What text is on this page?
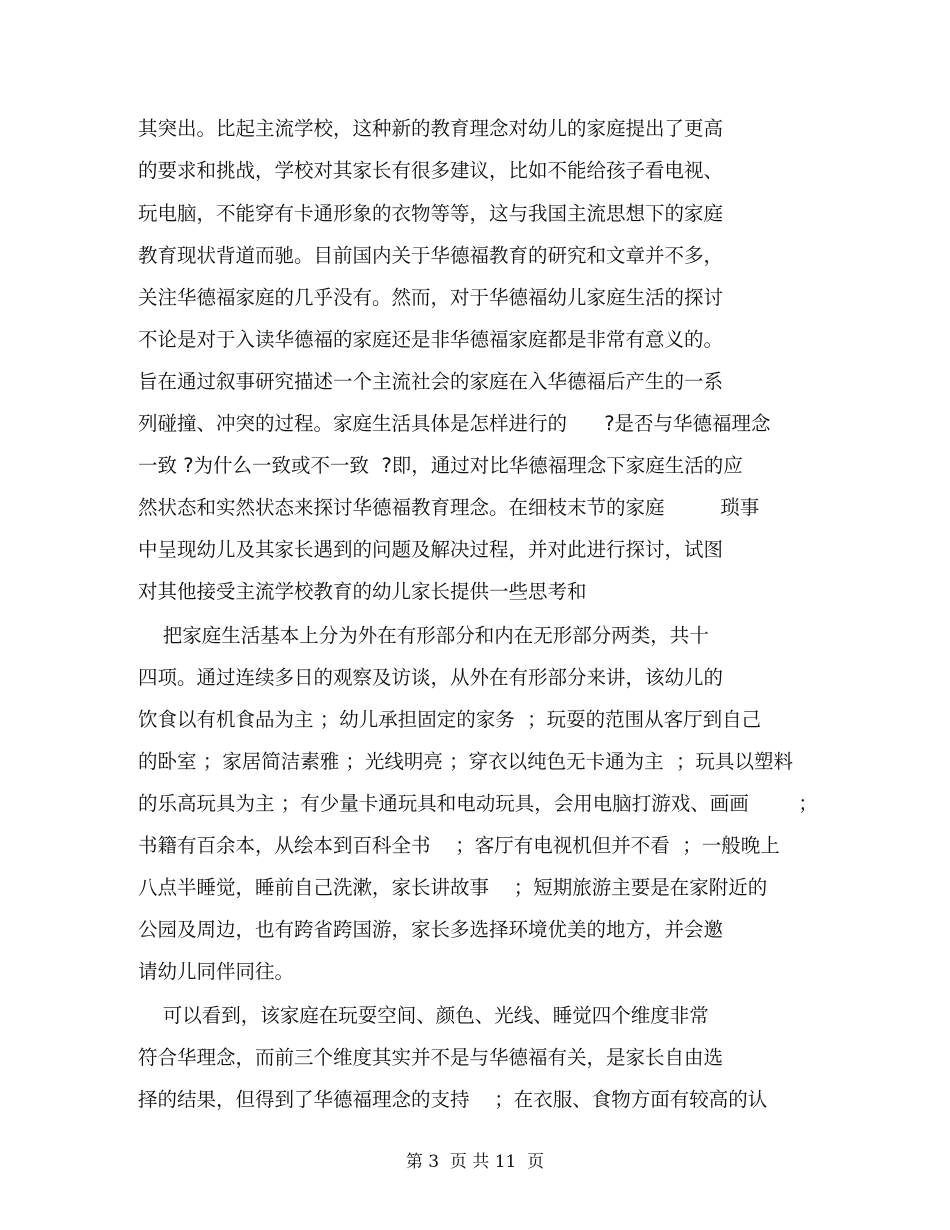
其突出。比起主流学校，这种新的教育理念对幼儿的家庭提出了更高
的要求和挑战，学校对其家长有很多建议，比如不能给孩子看电视、
玩电脑，不能穿有卡通形象的衣物等等，这与我国主流思想下的家庭
教育现状背道而驰。目前国内关于华德福教育的研究和文章并不多，
关注华德福家庭的几乎没有。然而，对于华德福幼儿家庭生活的探讨
不论是对于入读华德福的家庭还是非华德福家庭都是非常有意义的。
旨在通过叙事研究描述一个主流社会的家庭在入华德福后产生的一系
列碰撞、冲突的过程。家庭生活具体是怎样进行的      ?是否与华德福理念
一致 ?为什么一致或不一致  ?即，通过对比华德福理念下家庭生活的应
然状态和实然状态来探讨华德福教育理念。在细枝末节的家庭         琐事
中呈现幼儿及其家长遇到的问题及解决过程，并对此进行探讨，试图
对其他接受主流学校教育的幼儿家长提供一些思考和
把家庭生活基本上分为外在有形部分和内在无形部分两类，共十
四项。通过连续多日的观察及访谈，从外在有形部分来讲，该幼儿的
饮食以有机食品为主 ；幼儿承担固定的家务  ；玩耍的范围从客厅到自己
的卧室 ；家居简洁素雅 ；光线明亮 ；穿衣以纯色无卡通为主  ；玩具以塑料
的乐高玩具为主 ；有少量卡通玩具和电动玩具，会用电脑打游戏、画画        ；
书籍有百余本，从绘本到百科全书    ；客厅有电视机但并不看  ；一般晚上
八点半睡觉，睡前自己洗漱，家长讲故事    ；短期旅游主要是在家附近的
公园及周边，也有跨省跨国游，家长多选择环境优美的地方，并会邀
请幼儿同伴同往。
可以看到，该家庭在玩耍空间、颜色、光线、睡觉四个维度非常
符合华理念，而前三个维度其实并不是与华德福有关，是家长自由选
择的结果，但得到了华德福理念的支持    ；在衣服、食物方面有较高的认
第 3  页 共 11  页
